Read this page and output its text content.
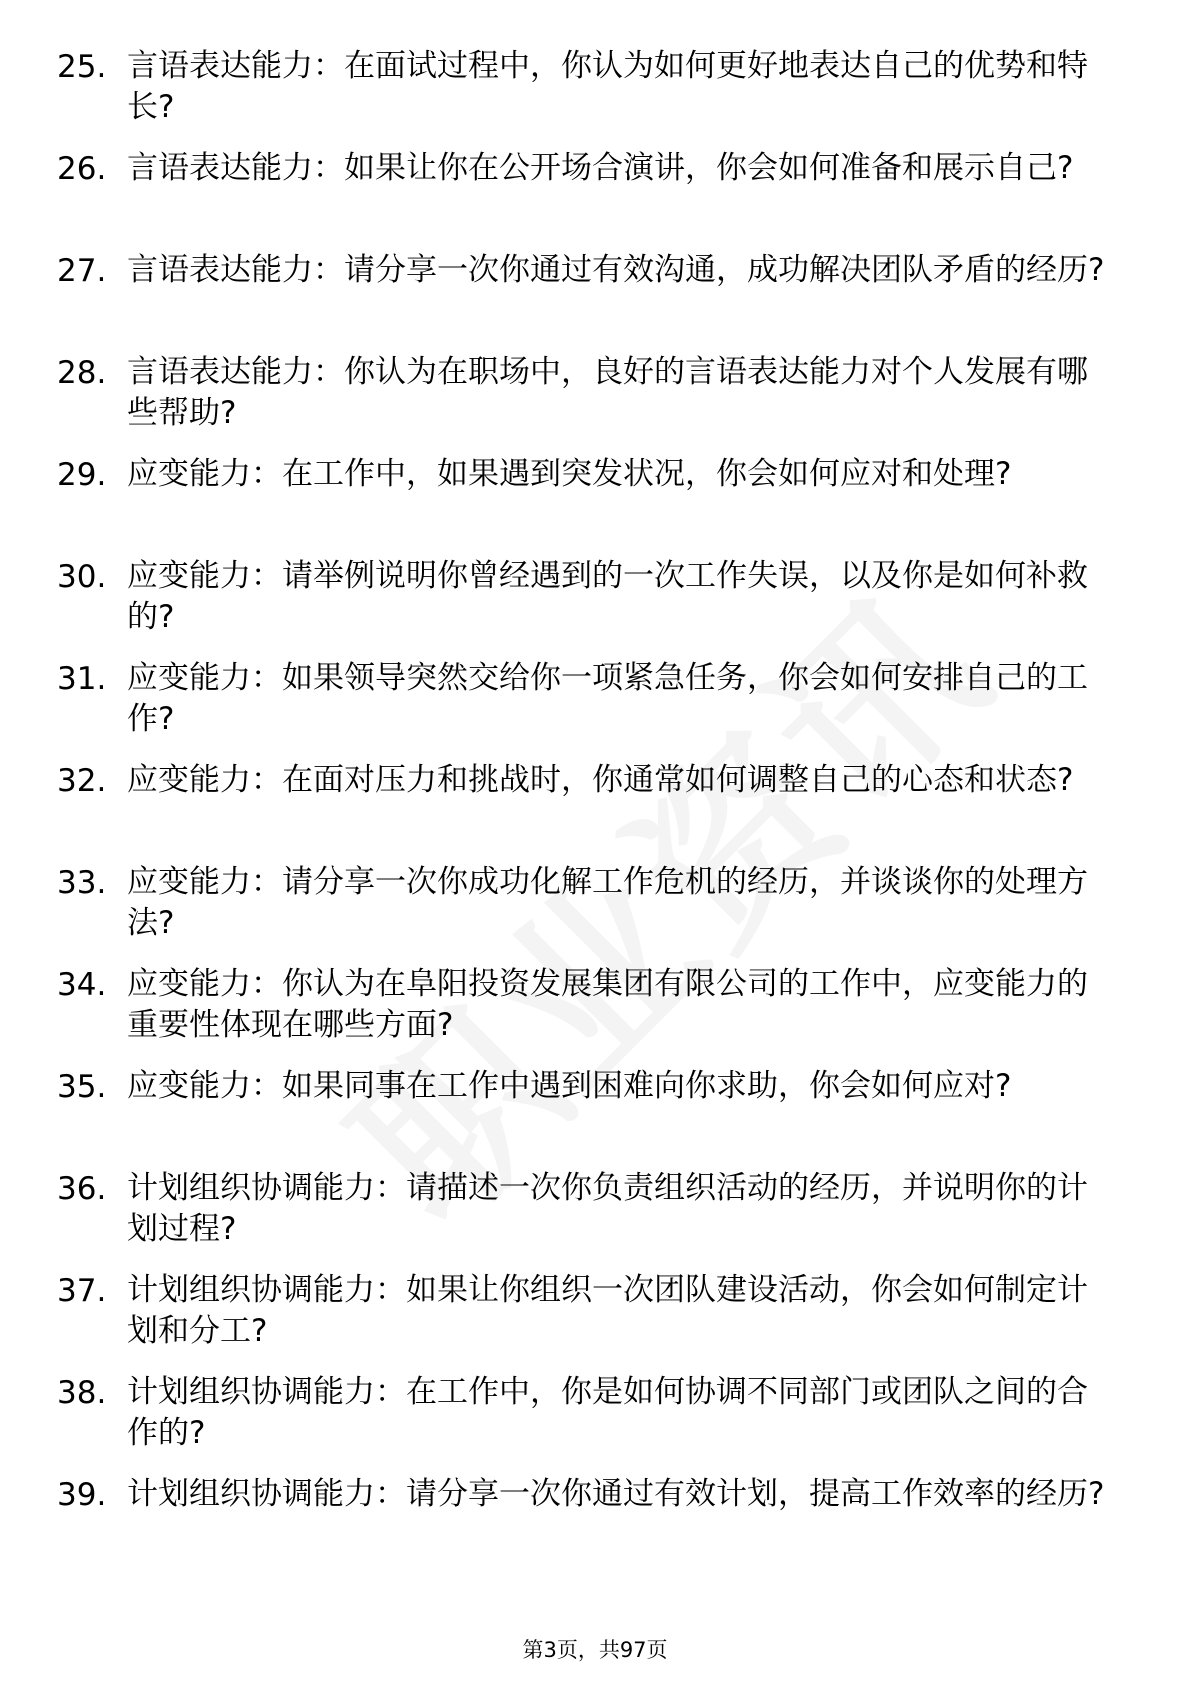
25. 言语表达能力：在面试过程中，你认为如何更好地表达自己的优势和特长?
26. 言语表达能力：如果让你在公开场合演讲，你会如何准备和展示自己?
27. 言语表达能力：请分享一次你通过有效沟通，成功解决团队矛盾的经历?
28. 言语表达能力：你认为在职场中，良好的言语表达能力对个人发展有哪些帮助?
29. 应变能力：在工作中，如果遇到突发状况，你会如何应对和处理?
30. 应变能力：请举例说明你曾经遇到的一次工作失误，以及你是如何补救的?
31. 应变能力：如果领导突然交给你一项紧急任务，你会如何安排自己的工作?
32. 应变能力：在面对压力和挑战时，你通常如何调整自己的心态和状态?
33. 应变能力：请分享一次你成功化解工作危机的经历，并谈谈你的处理方法?
34. 应变能力：你认为在阜阳投资发展集团有限公司的工作中，应变能力的重要性体现在哪些方面?
35. 应变能力：如果同事在工作中遇到困难向你求助，你会如何应对?
36. 计划组织协调能力：请描述一次你负责组织活动的经历，并说明你的计划过程?
37. 计划组织协调能力：如果让你组织一次团队建设活动，你会如何制定计划和分工?
38. 计划组织协调能力：在工作中，你是如何协调不同部门或团队之间的合作的?
39. 计划组织协调能力：请分享一次你通过有效计划，提高工作效率的经历?
第3页，共97页
